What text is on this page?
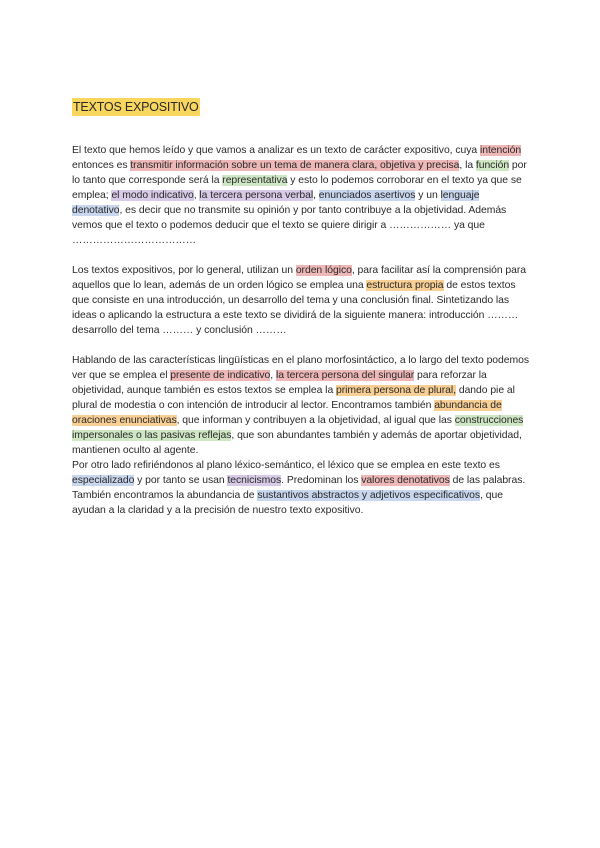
TEXTOS EXPOSITIVO

El texto que hemos leído y que vamos a analizar es un texto de carácter expositivo, cuya intención entonces es transmitir información sobre un tema de manera clara, objetiva y precisa, la función por lo tanto que corresponde será la representativa y esto lo podemos corroborar en el texto ya que se emplea; el modo indicativo, la tercera persona verbal, enunciados asertivos y un lenguaje denotativo, es decir que no transmite su opinión y por tanto contribuye a la objetividad. Además vemos que el texto o podemos deducir que el texto se quiere dirigir a ……………… ya que ………………………………

Los textos expositivos, por lo general, utilizan un orden lógico, para facilitar así la comprensión para aquellos que lo lean, además de un orden lógico se emplea una estructura propia de estos textos que consiste en una introducción, un desarrollo del tema y una conclusión final. Sintetizando las ideas o aplicando la estructura a este texto se dividirá de la siguiente manera: introducción ……… desarrollo del tema ……… y conclusión ………

Hablando de las características lingüísticas en el plano morfosintáctico, a lo largo del texto podemos ver que se emplea el presente de indicativo, la tercera persona del singular para reforzar la objetividad, aunque también es estos textos se emplea la primera persona de plural, dando pie al plural de modestia o con intención de introducir al lector. Encontramos también abundancia de oraciones enunciativas, que informan y contribuyen a la objetividad, al igual que las construcciones impersonales o las pasivas reflejas, que son abundantes también y además de aportar objetividad, mantienen oculto al agente.

Por otro lado refiriéndonos al plano léxico-semántico, el léxico que se emplea en este texto es especializado y por tanto se usan tecnicismos. Predominan los valores denotativos de las palabras. También encontramos la abundancia de sustantivos abstractos y adjetivos especificativos, que ayudan a la claridad y a la precisión de nuestro texto expositivo.
